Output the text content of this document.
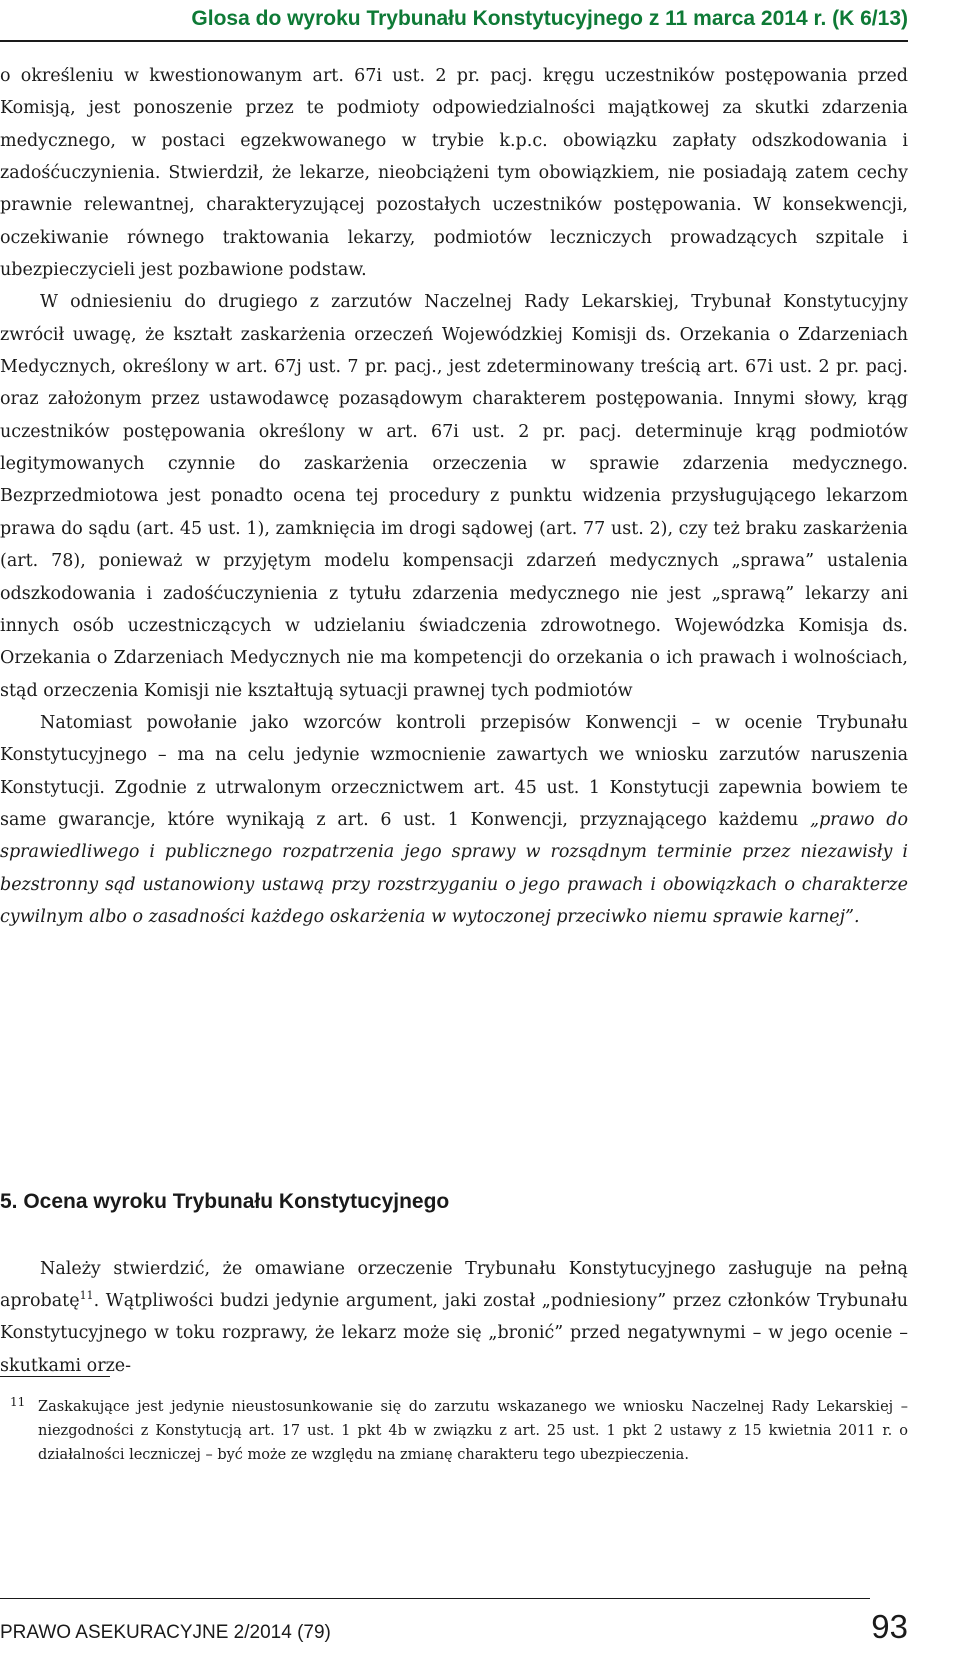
Glosa do wyroku Trybunału Konstytucyjnego z 11 marca 2014 r. (K 6/13)

o określeniu w kwestionowanym art. 67i ust. 2 pr. pacj. kręgu uczestników postępowania przed Komisją, jest ponoszenie przez te podmioty odpowiedzialności majątkowej za skutki zdarzenia medycznego, w postaci egzekwowanego w trybie k.p.c. obowiązku zapłaty odszkodowania i zadośćuczynienia. Stwierdził, że lekarze, nieobciążeni tym obowiązkiem, nie posiadają zatem cechy prawnie relewantnej, charakteryzującej pozostałych uczestników postępowania. W konsekwencji, oczekiwanie równego traktowania lekarzy, podmiotów leczniczych prowadzących szpitale i ubezpieczycieli jest pozbawione podstaw.

W odniesieniu do drugiego z zarzutów Naczelnej Rady Lekarskiej, Trybunał Konstytucyjny zwrócił uwagę, że kształt zaskarżenia orzeczeń Wojewódzkiej Komisji ds. Orzekania o Zdarzeniach Medycznych, określony w art. 67j ust. 7 pr. pacj., jest zdeterminowany treścią art. 67i ust. 2 pr. pacj. oraz założonym przez ustawodawcę pozasądowym charakterem postępowania. Innymi słowy, krąg uczestników postępowania określony w art. 67i ust. 2 pr. pacj. determinuje krąg podmiotów legitymowanych czynnie do zaskarżenia orzeczenia w sprawie zdarzenia medycznego. Bezprzedmiotowa jest ponadto ocena tej procedury z punktu widzenia przysługującego lekarzom prawa do sądu (art. 45 ust. 1), zamknięcia im drogi sądowej (art. 77 ust. 2), czy też braku zaskarżenia (art. 78), ponieważ w przyjętym modelu kompensacji zdarzeń medycznych „sprawa” ustalenia odszkodowania i zadośćuczynienia z tytułu zdarzenia medycznego nie jest „sprawą” lekarzy ani innych osób uczestniczących w udzielaniu świadczenia zdrowotnego. Wojewódzka Komisja ds. Orzekania o Zdarzeniach Medycznych nie ma kompetencji do orzekania o ich prawach i wolnościach, stąd orzeczenia Komisji nie kształtują sytuacji prawnej tych podmiotów

Natomiast powołanie jako wzorców kontroli przepisów Konwencji – w ocenie Trybunału Konstytucyjnego – ma na celu jedynie wzmocnienie zawartych we wniosku zarzutów naruszenia Konstytucji. Zgodnie z utrwalonym orzecznictwem art. 45 ust. 1 Konstytucji zapewnia bowiem te same gwarancje, które wynikają z art. 6 ust. 1 Konwencji, przyznającego każdemu „prawo do sprawiedliwego i publicznego rozpatrzenia jego sprawy w rozsądnym terminie przez niezawisły i bezstronny sąd ustanowiony ustawą przy rozstrzyganiu o jego prawach i obowiązkach o charakterze cywilnym albo o zasadności każdego oskarżenia w wytoczonej przeciwko niemu sprawie karnej”.

5. Ocena wyroku Trybunału Konstytucyjnego

Należy stwierdzić, że omawiane orzeczenie Trybunału Konstytucyjnego zasługuje na pełną aprobatę$^{11}$. Wątpliwości budzi jedynie argument, jaki został „podniesiony” przez członków Trybunału Konstytucyjnego w toku rozprawy, że lekarz może się „bronić” przed negatywnymi – w jego ocenie – skutkami orze-

11 Zaskakujące jest jedynie nieustosunkowanie się do zarzutu wskazanego we wniosku Naczelnej Rady Lekarskiej – niezgodności z Konstytucją art. 17 ust. 1 pkt 4b w związku z art. 25 ust. 1 pkt 2 ustawy z 15 kwietnia 2011 r. o działalności leczniczej – być może ze względu na zmianę charakteru tego ubezpieczenia.
PRAWO ASEKURACYJNE 2/2014 (79)	93
